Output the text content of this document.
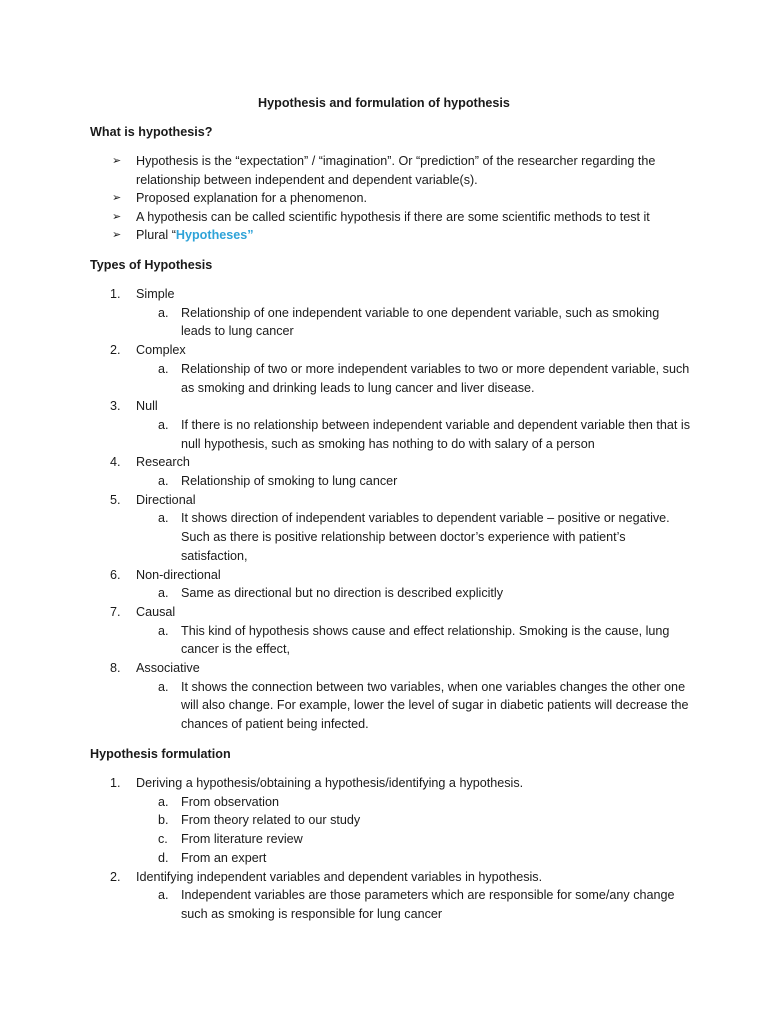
Hypothesis and formulation of hypothesis
What is hypothesis?
➢	Hypothesis is the “expectation” / “imagination”. Or “prediction” of the researcher regarding the relationship between independent and dependent variable(s).
➢	Proposed explanation for a phenomenon.
➢	A hypothesis can be called scientific hypothesis if there are some scientific methods to test it
➢	Plural “Hypotheses”
Types of Hypothesis
1. Simple
a. Relationship of one independent variable to one dependent variable, such as smoking leads to lung cancer
2. Complex
a. Relationship of two or more independent variables to two or more dependent variable, such as smoking and drinking leads to lung cancer and liver disease.
3. Null
a. If there is no relationship between independent variable and dependent variable then that is null hypothesis, such as smoking has nothing to do with salary of a person
4. Research
a. Relationship of smoking to lung cancer
5. Directional
a. It shows direction of independent variables to dependent variable – positive or negative. Such as there is positive relationship between doctor’s experience with patient’s satisfaction,
6. Non-directional
a. Same as directional but no direction is described explicitly
7. Causal
a. This kind of hypothesis shows cause and effect relationship. Smoking is the cause, lung cancer is the effect,
8. Associative
a. It shows the connection between two variables, when one variables changes the other one will also change. For example, lower the level of sugar in diabetic patients will decrease the chances of patient being infected.
Hypothesis formulation
1. Deriving a hypothesis/obtaining a hypothesis/identifying a hypothesis.
a. From observation
b. From theory related to our study
c. From literature review
d. From an expert
2. Identifying independent variables and dependent variables in hypothesis.
a. Independent variables are those parameters which are responsible for some/any change such as smoking is responsible for lung cancer
